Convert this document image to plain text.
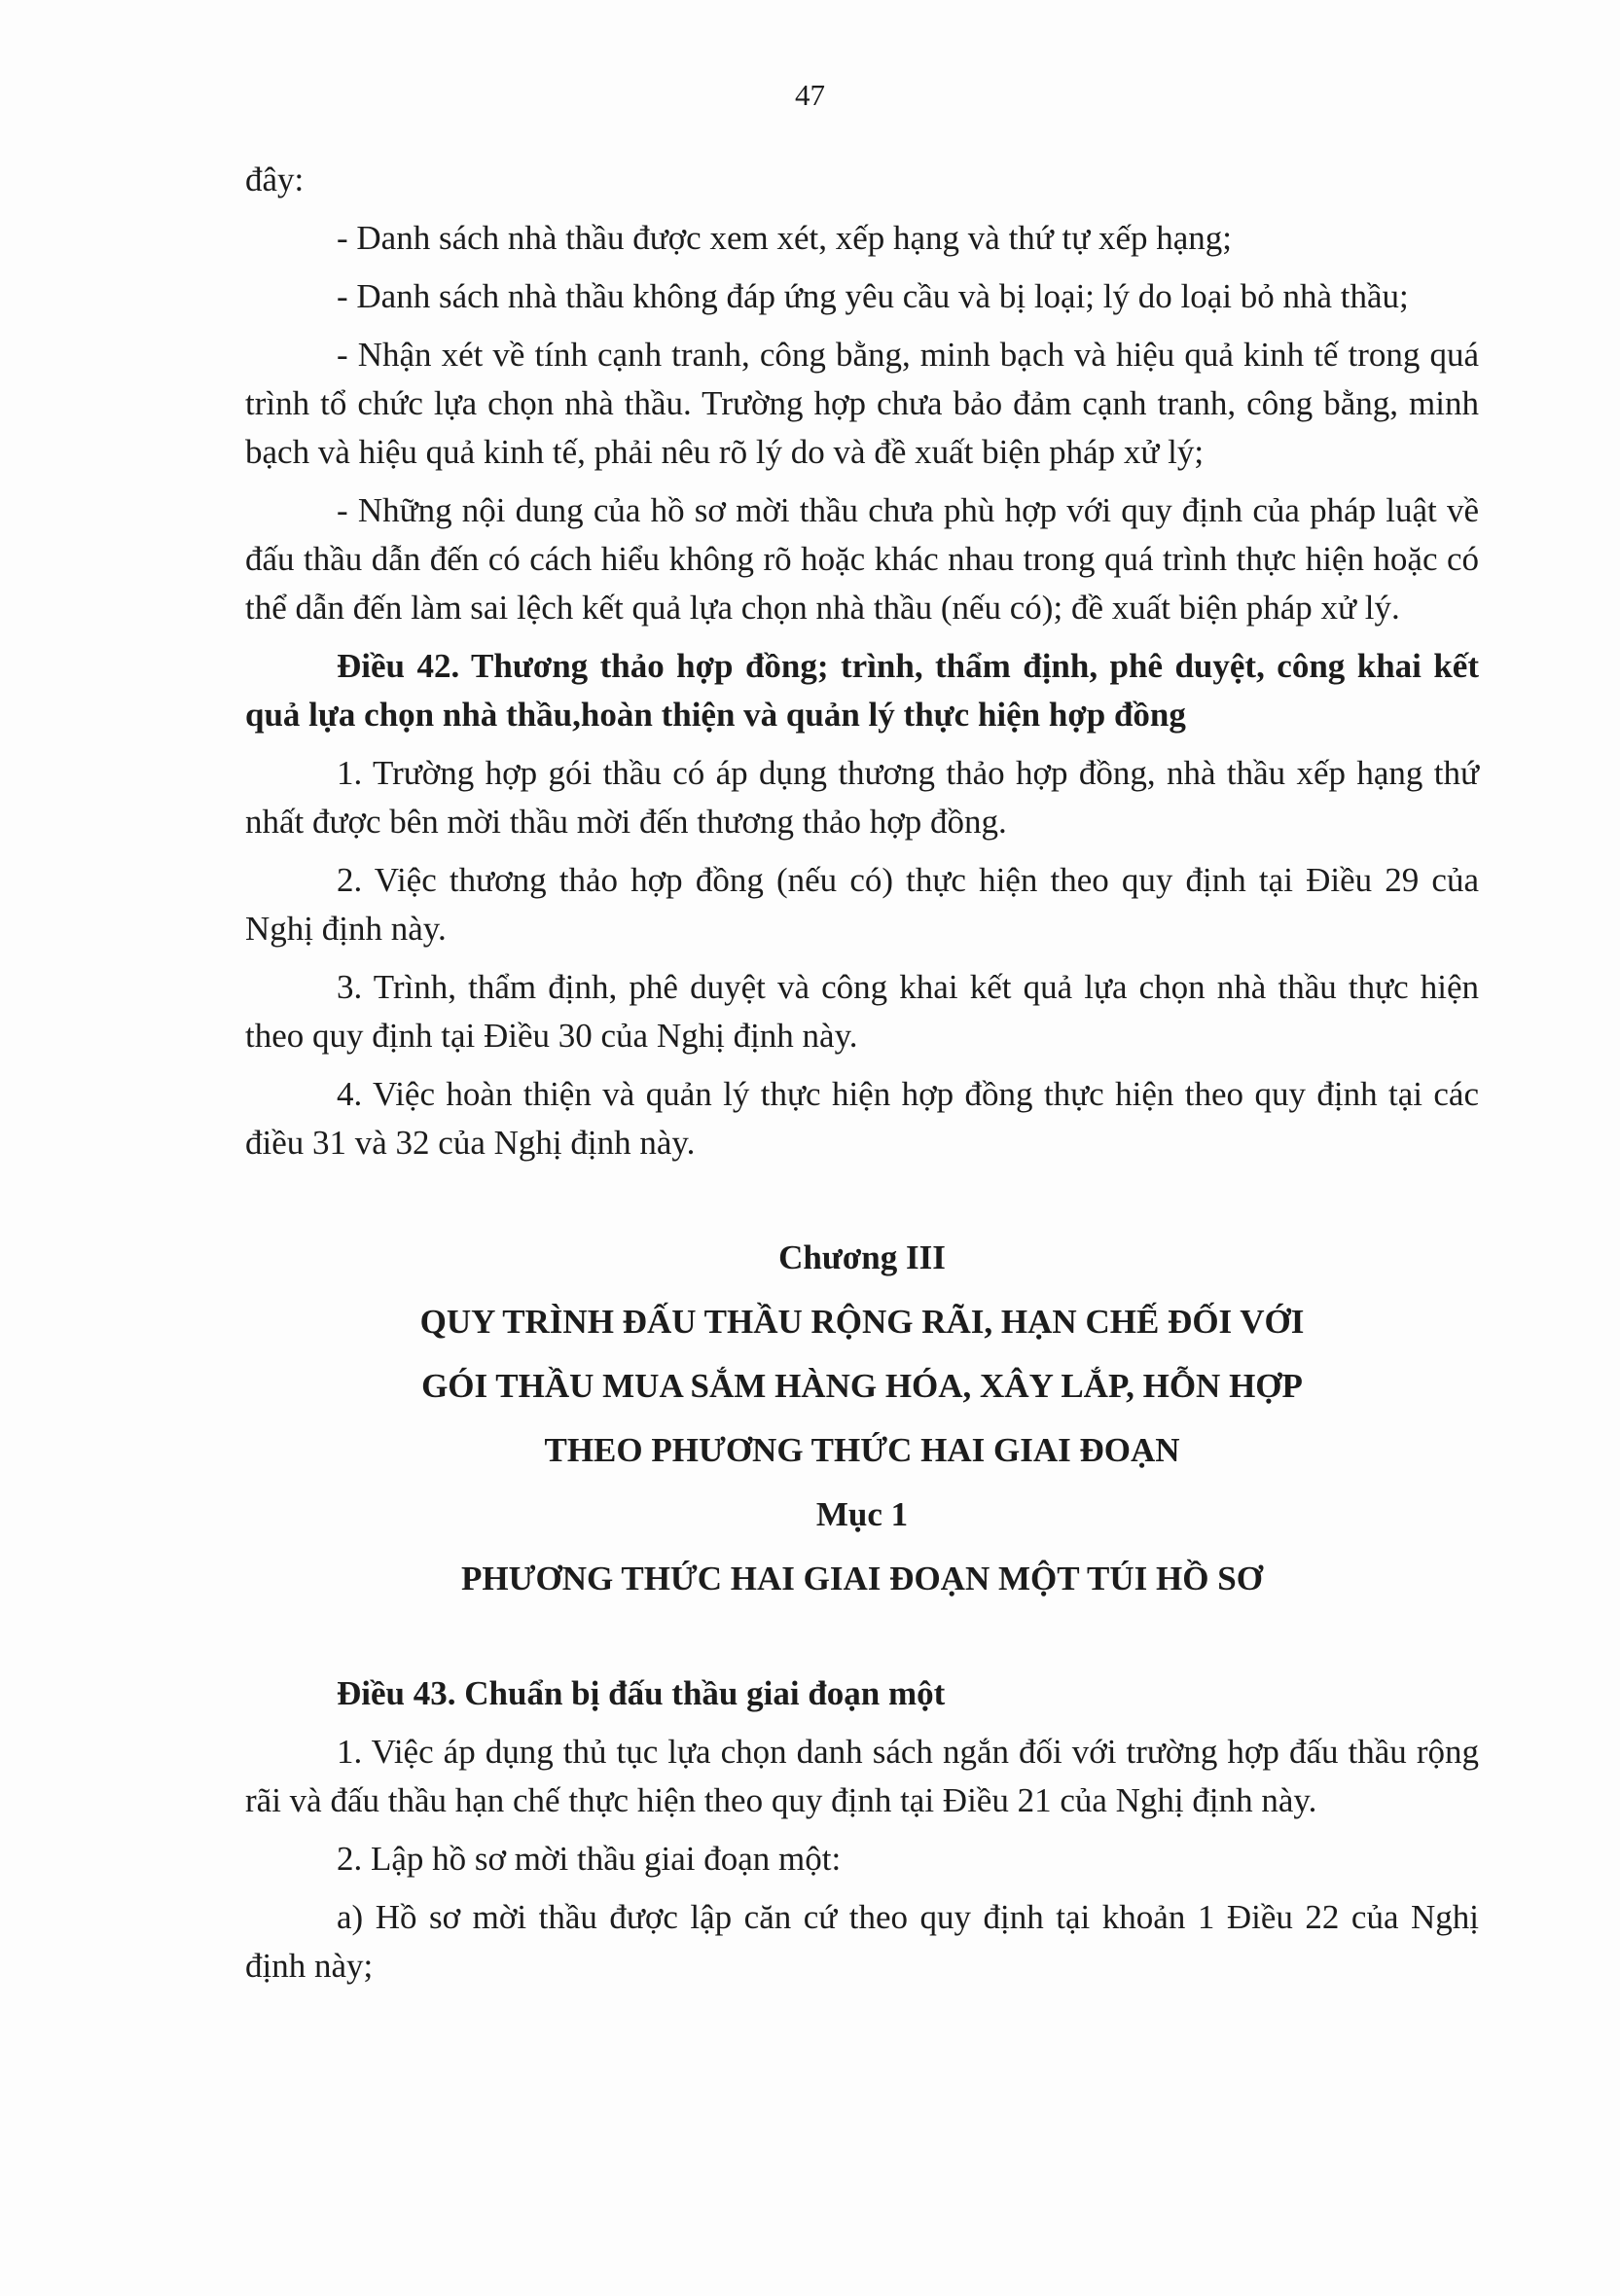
47

đây:

- Danh sách nhà thầu được xem xét, xếp hạng và thứ tự xếp hạng;

- Danh sách nhà thầu không đáp ứng yêu cầu và bị loại; lý do loại bỏ nhà thầu;

- Nhận xét về tính cạnh tranh, công bằng, minh bạch và hiệu quả kinh tế trong quá trình tổ chức lựa chọn nhà thầu. Trường hợp chưa bảo đảm cạnh tranh, công bằng, minh bạch và hiệu quả kinh tế, phải nêu rõ lý do và đề xuất biện pháp xử lý;

- Những nội dung của hồ sơ mời thầu chưa phù hợp với quy định của pháp luật về đấu thầu dẫn đến có cách hiểu không rõ hoặc khác nhau trong quá trình thực hiện hoặc có thể dẫn đến làm sai lệch kết quả lựa chọn nhà thầu (nếu có); đề xuất biện pháp xử lý.

Điều 42. Thương thảo hợp đồng; trình, thẩm định, phê duyệt, công khai kết quả lựa chọn nhà thầu,hoàn thiện và quản lý thực hiện hợp đồng

1. Trường hợp gói thầu có áp dụng thương thảo hợp đồng, nhà thầu xếp hạng thứ nhất được bên mời thầu mời đến thương thảo hợp đồng.

2. Việc thương thảo hợp đồng (nếu có) thực hiện theo quy định tại Điều 29 của Nghị định này.

3. Trình, thẩm định, phê duyệt và công khai kết quả lựa chọn nhà thầu thực hiện theo quy định tại Điều 30 của Nghị định này.

4. Việc hoàn thiện và quản lý thực hiện hợp đồng thực hiện theo quy định tại các điều 31 và 32 của Nghị định này.

Chương III

QUY TRÌNH ĐẤU THẦU RỘNG RÃI, HẠN CHẾ ĐỐI VỚI

GÓI THẦU MUA SẮM HÀNG HÓA, XÂY LẮP, HỖN HỢP

THEO PHƯƠNG THỨC HAI GIAI ĐOẠN

Mục 1

PHƯƠNG THỨC HAI GIAI ĐOẠN MỘT TÚI HỒ SƠ

Điều 43. Chuẩn bị đấu thầu giai đoạn một

1. Việc áp dụng thủ tục lựa chọn danh sách ngắn đối với trường hợp đấu thầu rộng rãi và đấu thầu hạn chế thực hiện theo quy định tại Điều 21 của Nghị định này.

2. Lập hồ sơ mời thầu giai đoạn một:

a) Hồ sơ mời thầu được lập căn cứ theo quy định tại khoản 1 Điều 22 của Nghị định này;
